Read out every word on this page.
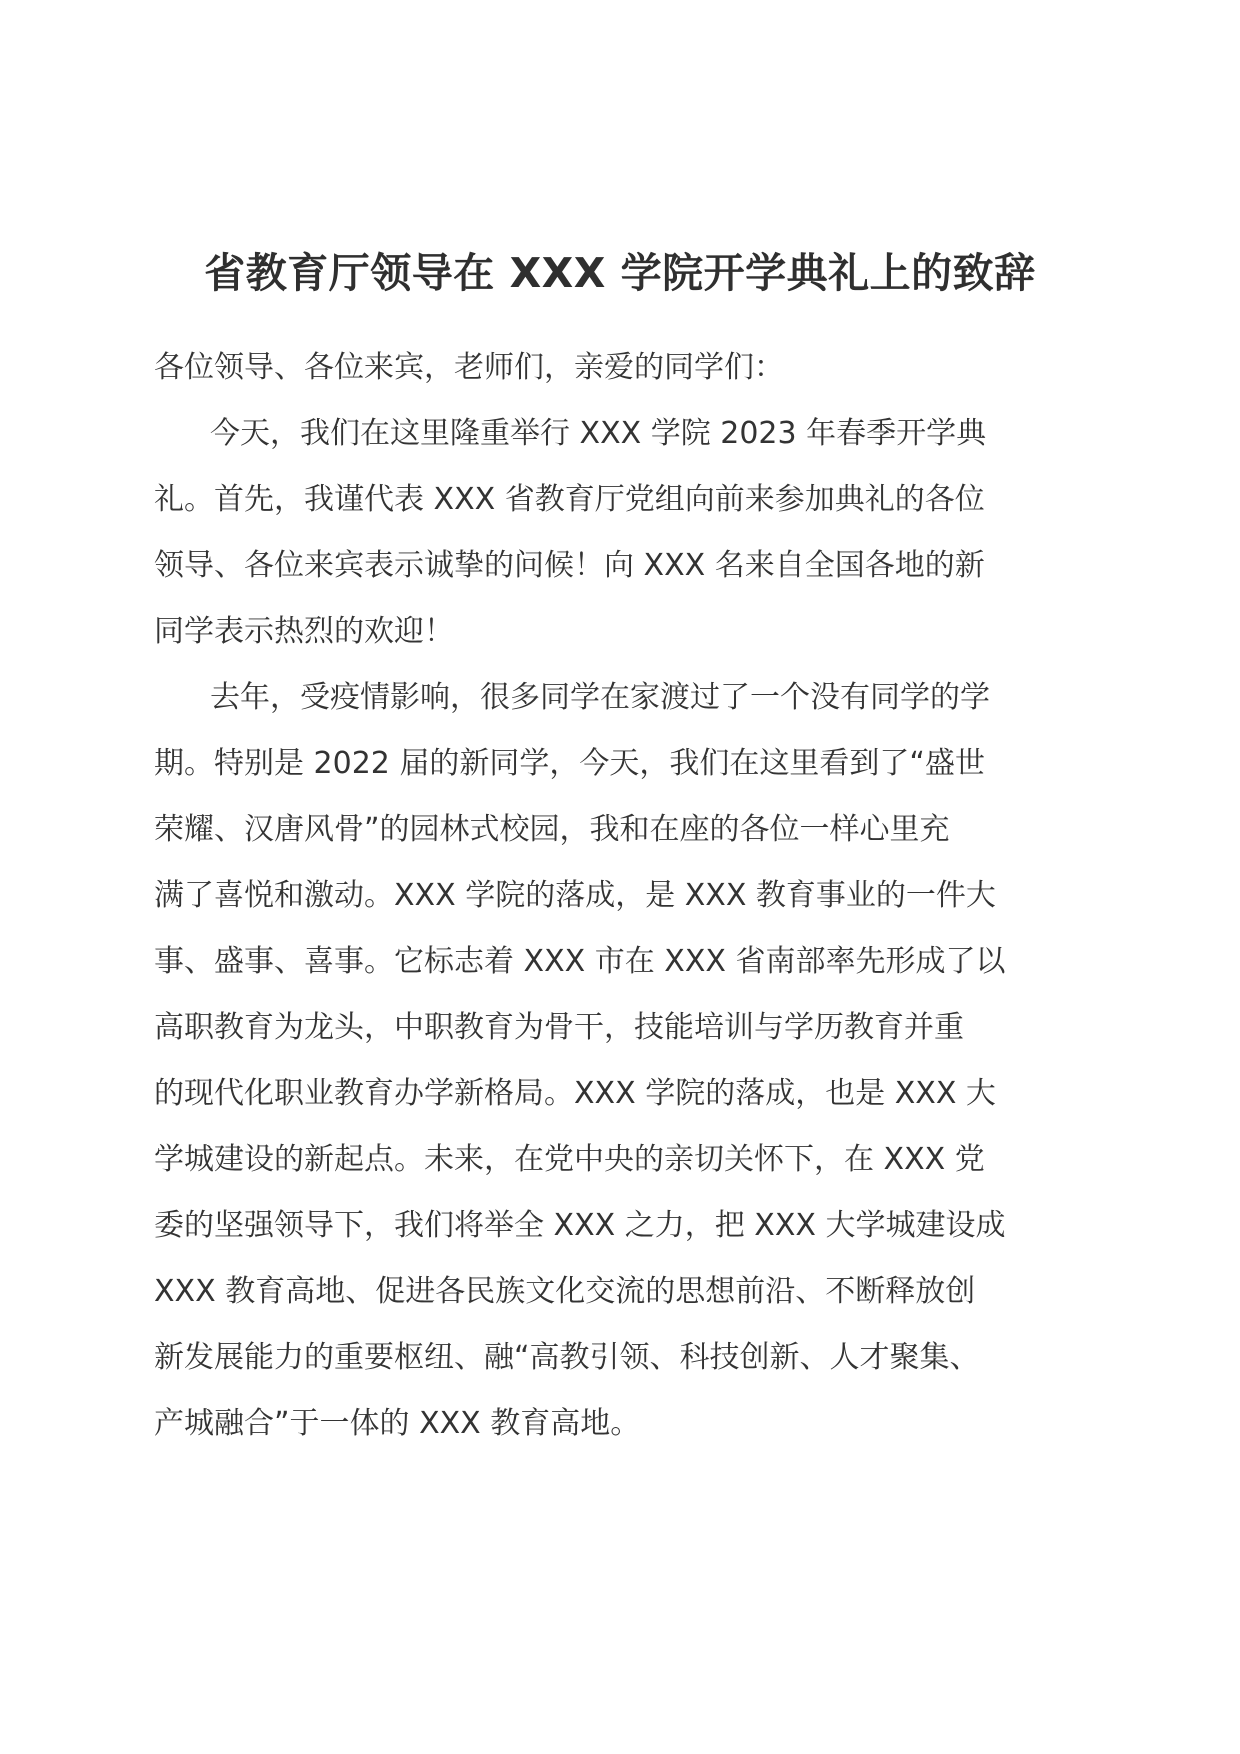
省教育厅领导在 XXX 学院开学典礼上的致辞

各位领导、各位来宾，老师们，亲爱的同学们：

今天，我们在这里隆重举行 XXX 学院 2023 年春季开学典

礼。首先，我谨代表 XXX 省教育厅党组向前来参加典礼的各位

领导、各位来宾表示诚挚的问候！向 XXX 名来自全国各地的新

同学表示热烈的欢迎！

去年，受疫情影响，很多同学在家渡过了一个没有同学的学

期。特别是 2022 届的新同学，今天，我们在这里看到了“盛世

荣耀、汉唐风骨”的园林式校园，我和在座的各位一样心里充

满了喜悦和激动。XXX 学院的落成，是 XXX 教育事业的一件大

事、盛事、喜事。它标志着 XXX 市在 XXX 省南部率先形成了以

高职教育为龙头，中职教育为骨干，技能培训与学历教育并重

的现代化职业教育办学新格局。XXX 学院的落成，也是 XXX 大

学城建设的新起点。未来，在党中央的亲切关怀下，在 XXX 党

委的坚强领导下，我们将举全 XXX 之力，把 XXX 大学城建设成

XXX 教育高地、促进各民族文化交流的思想前沿、不断释放创

新发展能力的重要枢纽、融“高教引领、科技创新、人才聚集、

产城融合”于一体的 XXX 教育高地。
